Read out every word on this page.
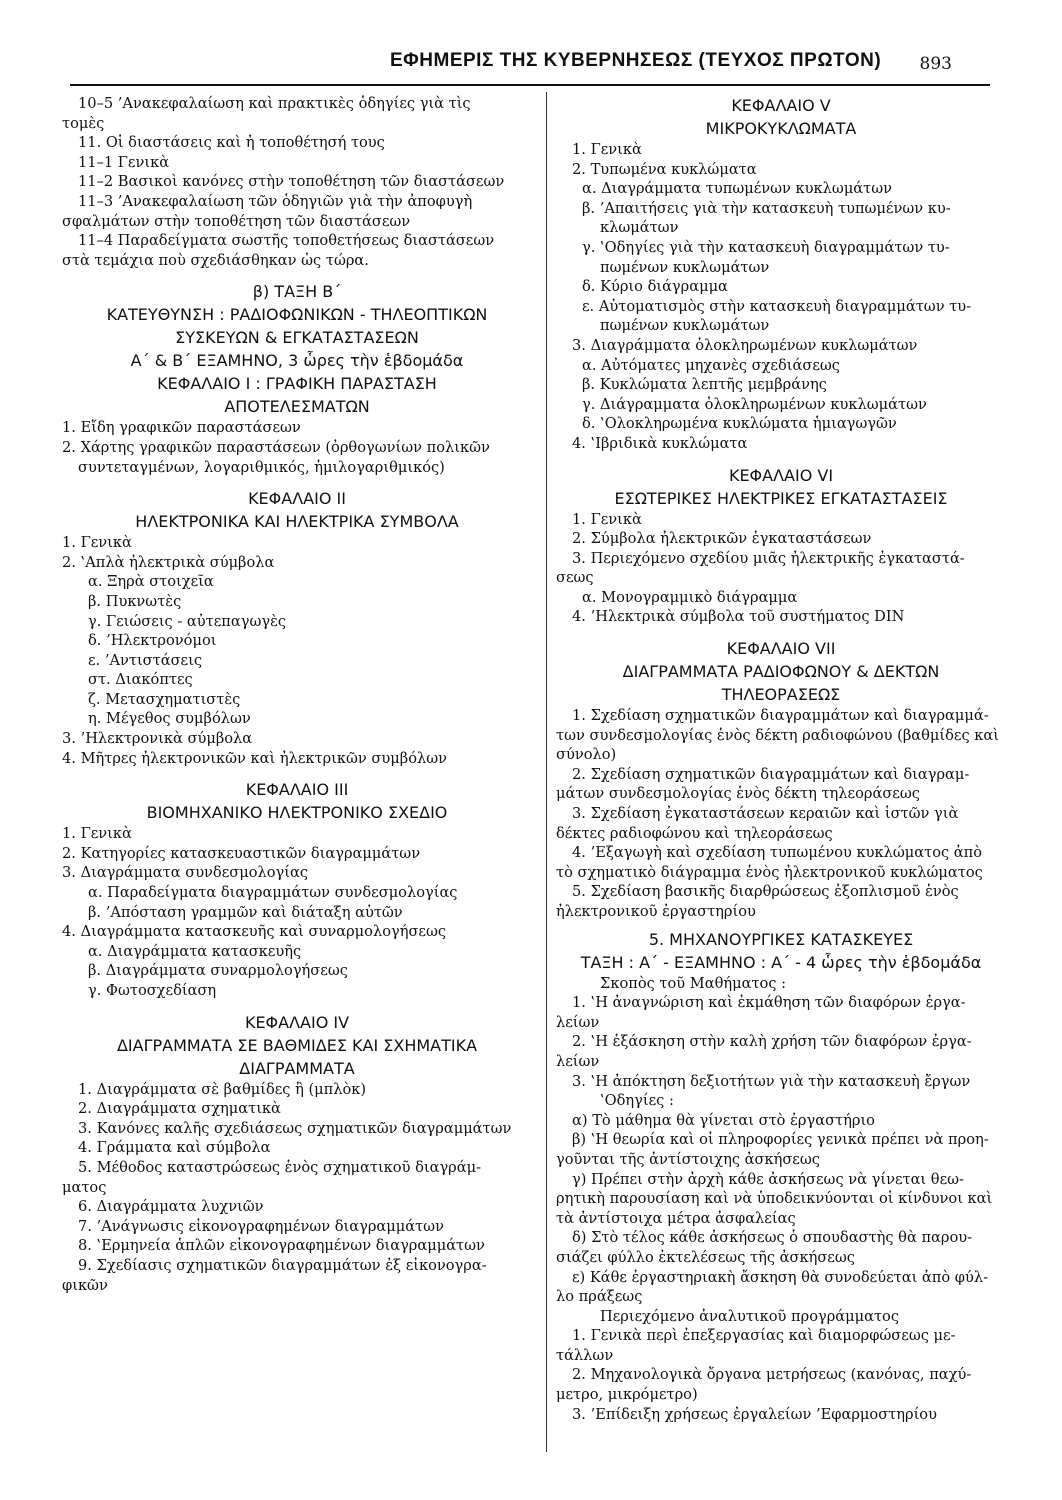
ΕΦΗΜΕΡΙΣ ΤΗΣ ΚΥΒΕΡΝΗΣΕΩΣ (ΤΕΥΧΟΣ ΠΡΩΤΟΝ) 893
10–5 ’Ανακεφαλαίωση καὶ πρακτικὲς ὁδηγίες γιὰ τὶς
τομὲς
11. Οἱ διαστάσεις καὶ ἡ τοποθέτησή τους
11–1 Γενικὰ
11–2 Βασικοὶ κανόνες στὴν τοποθέτηση τῶν διαστάσεων
11–3 ’Ανακεφαλαίωση τῶν ὁδηγιῶν γιὰ τὴν ἀποφυγὴ
σφαλμάτων στὴν τοποθέτηση τῶν διαστάσεων
11–4 Παραδείγματα σωστῆς τοποθετήσεως διαστάσεων
στὰ τεμάχια ποὺ σχεδιάσθηκαν ὡς τώρα.
β) ΤΑΞΗ Β΄
ΚΑΤΕΥΘΥΝΣΗ : ΡΑΔΙΟΦΩΝΙΚΩΝ - ΤΗΛΕΟΠΤΙΚΩΝ
ΣΥΣΚΕΥΩΝ & ΕΓΚΑΤΑΣΤΑΣΕΩΝ
Α΄ & Β΄ ΕΞΑΜΗΝΟ, 3 ὧρες τὴν ἑβδομάδα
ΚΕΦΑΛΑΙΟ Ι : ΓΡΑΦΙΚΗ ΠΑΡΑΣΤΑΣΗ
ΑΠΟΤΕΛΕΣΜΑΤΩΝ
1. Εἴδη γραφικῶν παραστάσεων
2. Χάρτης γραφικῶν παραστάσεων (ὀρθογωνίων πολικῶν
συντεταγμένων, λογαριθμικός, ἡμιλογαριθμικός)
ΚΕΦΑΛΑΙΟ ΙΙ
ΗΛΕΚΤΡΟΝΙΚΑ ΚΑΙ ΗΛΕΚΤΡΙΚΑ ΣΥΜΒΟΛΑ
1. Γενικὰ
2. ‛Απλὰ ἠλεκτρικὰ σύμβολα
α. Ξηρὰ στοιχεῖα
β. Πυκνωτὲς
γ. Γειώσεις - αὐτεπαγωγὲς
δ. ’Ηλεκτρονόμοι
ε. ’Αντιστάσεις
στ. Διακόπτες
ζ. Μετασχηματιστὲς
η. Μέγεθος συμβόλων
3. ’Ηλεκτρονικὰ σύμβολα
4. Μῆτρες ἠλεκτρονικῶν καὶ ἠλεκτρικῶν συμβόλων
ΚΕΦΑΛΑΙΟ ΙΙΙ
ΒΙΟΜΗΧΑΝΙΚΟ ΗΛΕΚΤΡΟΝΙΚΟ ΣΧΕΔΙΟ
1. Γενικὰ
2. Κατηγορίες κατασκευαστικῶν διαγραμμάτων
3. Διαγράμματα συνδεσμολογίας
α. Παραδείγματα διαγραμμάτων συνδεσμολογίας
β. ’Απόσταση γραμμῶν καὶ διάταξη αὐτῶν
4. Διαγράμματα κατασκευῆς καὶ συναρμολογήσεως
α. Διαγράμματα κατασκευῆς
β. Διαγράμματα συναρμολογήσεως
γ. Φωτοσχεδίαση
ΚΕΦΑΛΑΙΟ ΙV
ΔΙΑΓΡΑΜΜΑΤΑ ΣΕ ΒΑΘΜΙΔΕΣ ΚΑΙ ΣΧΗΜΑΤΙΚΑ
ΔΙΑΓΡΑΜΜΑΤΑ
1. Διαγράμματα σὲ βαθμίδες ἢ (μπλὸκ)
2. Διαγράμματα σχηματικὰ
3. Κανόνες καλῆς σχεδιάσεως σχηματικῶν διαγραμμάτων
4. Γράμματα καὶ σύμβολα
5. Μέθοδος καταστρώσεως ἑνὸς σχηματικοῦ διαγράμ-
ματος
6. Διαγράμματα λυχνιῶν
7. ’Ανάγνωσις εἰκονογραφημένων διαγραμμάτων
8. ‛Ερμηνεία ἁπλῶν εἰκονογραφημένων διαγραμμάτων
9. Σχεδίασις σχηματικῶν διαγραμμάτων ἐξ εἰκονογρα-
φικῶν
ΚΕΦΑΛΑΙΟ V
ΜΙΚΡΟΚΥΚΛΩΜΑΤΑ
1. Γενικὰ
2. Τυπωμένα κυκλώματα
α. Διαγράμματα τυπωμένων κυκλωμάτων
β. ’Απαιτήσεις γιὰ τὴν κατασκευὴ τυπωμένων κυ-
κλωμάτων
γ. ‛Οδηγίες γιὰ τὴν κατασκευὴ διαγραμμάτων τυ-
πωμένων κυκλωμάτων
δ. Κύριο διάγραμμα
ε. Αὐτοματισμὸς στὴν κατασκευὴ διαγραμμάτων τυ-
πωμένων κυκλωμάτων
3. Διαγράμματα ὁλοκληρωμένων κυκλωμάτων
α. Αὐτόματες μηχανὲς σχεδιάσεως
β. Κυκλώματα λεπτῆς μεμβράνης
γ. Διάγραμματα ὁλοκληρωμένων κυκλωμάτων
δ. ‛Ολοκληρωμένα κυκλώματα ἡμιαγωγῶν
4. ‛Ιβριδικὰ κυκλώματα
ΚΕΦΑΛΑΙΟ VI
ΕΣΩΤΕΡΙΚΕΣ ΗΛΕΚΤΡΙΚΕΣ ΕΓΚΑΤΑΣΤΑΣΕΙΣ
1. Γενικὰ
2. Σύμβολα ἠλεκτρικῶν ἐγκαταστάσεων
3. Περιεχόμενο σχεδίου μιᾶς ἠλεκτρικῆς ἐγκαταστά-
σεως
α. Μονογραμμικὸ διάγραμμα
4. ’Ηλεκτρικὰ σύμβολα τοῦ συστήματος DIN
ΚΕΦΑΛΑΙΟ VII
ΔΙΑΓΡΑΜΜΑΤΑ ΡΑΔΙΟΦΩΝΟΥ & ΔΕΚΤΩΝ
ΤΗΛΕΟΡΑΣΕΩΣ
1. Σχεδίαση σχηματικῶν διαγραμμάτων καὶ διαγραμμά-
των συνδεσμολογίας ἑνὸς δέκτη ραδιοφώνου (βαθμίδες καὶ
σύνολο)
2. Σχεδίαση σχηματικῶν διαγραμμάτων καὶ διαγραμ-
μάτων συνδεσμολογίας ἑνὸς δέκτη τηλεοράσεως
3. Σχεδίαση ἐγκαταστάσεων κεραιῶν καὶ ἱστῶν γιὰ
δέκτες ραδιοφώνου καὶ τηλεοράσεως
4. ’Εξαγωγὴ καὶ σχεδίαση τυπωμένου κυκλώματος ἀπὸ
τὸ σχηματικὸ διάγραμμα ἑνὸς ἠλεκτρονικοῦ κυκλώματος
5. Σχεδίαση βασικῆς διαρθρώσεως ἐξοπλισμοῦ ἑνὸς
ἠλεκτρονικοῦ ἐργαστηρίου
5. ΜΗΧΑΝΟΥΡΓΙΚΕΣ ΚΑΤΑΣΚΕΥΕΣ
ΤΑΞΗ : Α΄ - ΕΞΑΜΗΝΟ : Α΄ - 4 ὧρες τὴν ἑβδομάδα
Σκοπὸς τοῦ Μαθήματος :
1. ‛Η ἀναγνώριση καὶ ἐκμάθηση τῶν διαφόρων ἐργα-
λείων
2. ‛Η ἐξάσκηση στὴν καλὴ χρήση τῶν διαφόρων ἐργα-
λείων
3. ‛Η ἀπόκτηση δεξιοτήτων γιὰ τὴν κατασκευὴ ἔργων
‛Οδηγίες :
α) Τὸ μάθημα θὰ γίνεται στὸ ἐργαστήριο
β) ‛Η θεωρία καὶ οἱ πληροφορίες γενικὰ πρέπει νὰ προη-
γοῦνται τῆς ἀντίστοιχης ἀσκήσεως
γ) Πρέπει στὴν ἀρχὴ κάθε ἀσκήσεως νὰ γίνεται θεω-
ρητικὴ παρουσίαση καὶ νὰ ὑποδεικνύονται οἱ κίνδυνοι καὶ
τὰ ἀντίστοιχα μέτρα ἀσφαλείας
δ) Στὸ τέλος κάθε ἀσκήσεως ὁ σπουδαστὴς θὰ παρου-
σιάζει φύλλο ἐκτελέσεως τῆς ἀσκήσεως
ε) Κάθε ἐργαστηριακὴ ἄσκηση θὰ συνοδεύεται ἀπὸ φύλ-
λο πράξεως
Περιεχόμενο ἀναλυτικοῦ προγράμματος
1. Γενικὰ περὶ ἐπεξεργασίας καὶ διαμορφώσεως με-
τάλλων
2. Μηχανολογικὰ ὄργανα μετρήσεως (κανόνας, παχύ-
μετρο, μικρόμετρο)
3. ’Επίδειξη χρήσεως ἐργαλείων ’Εφαρμοστηρίου
